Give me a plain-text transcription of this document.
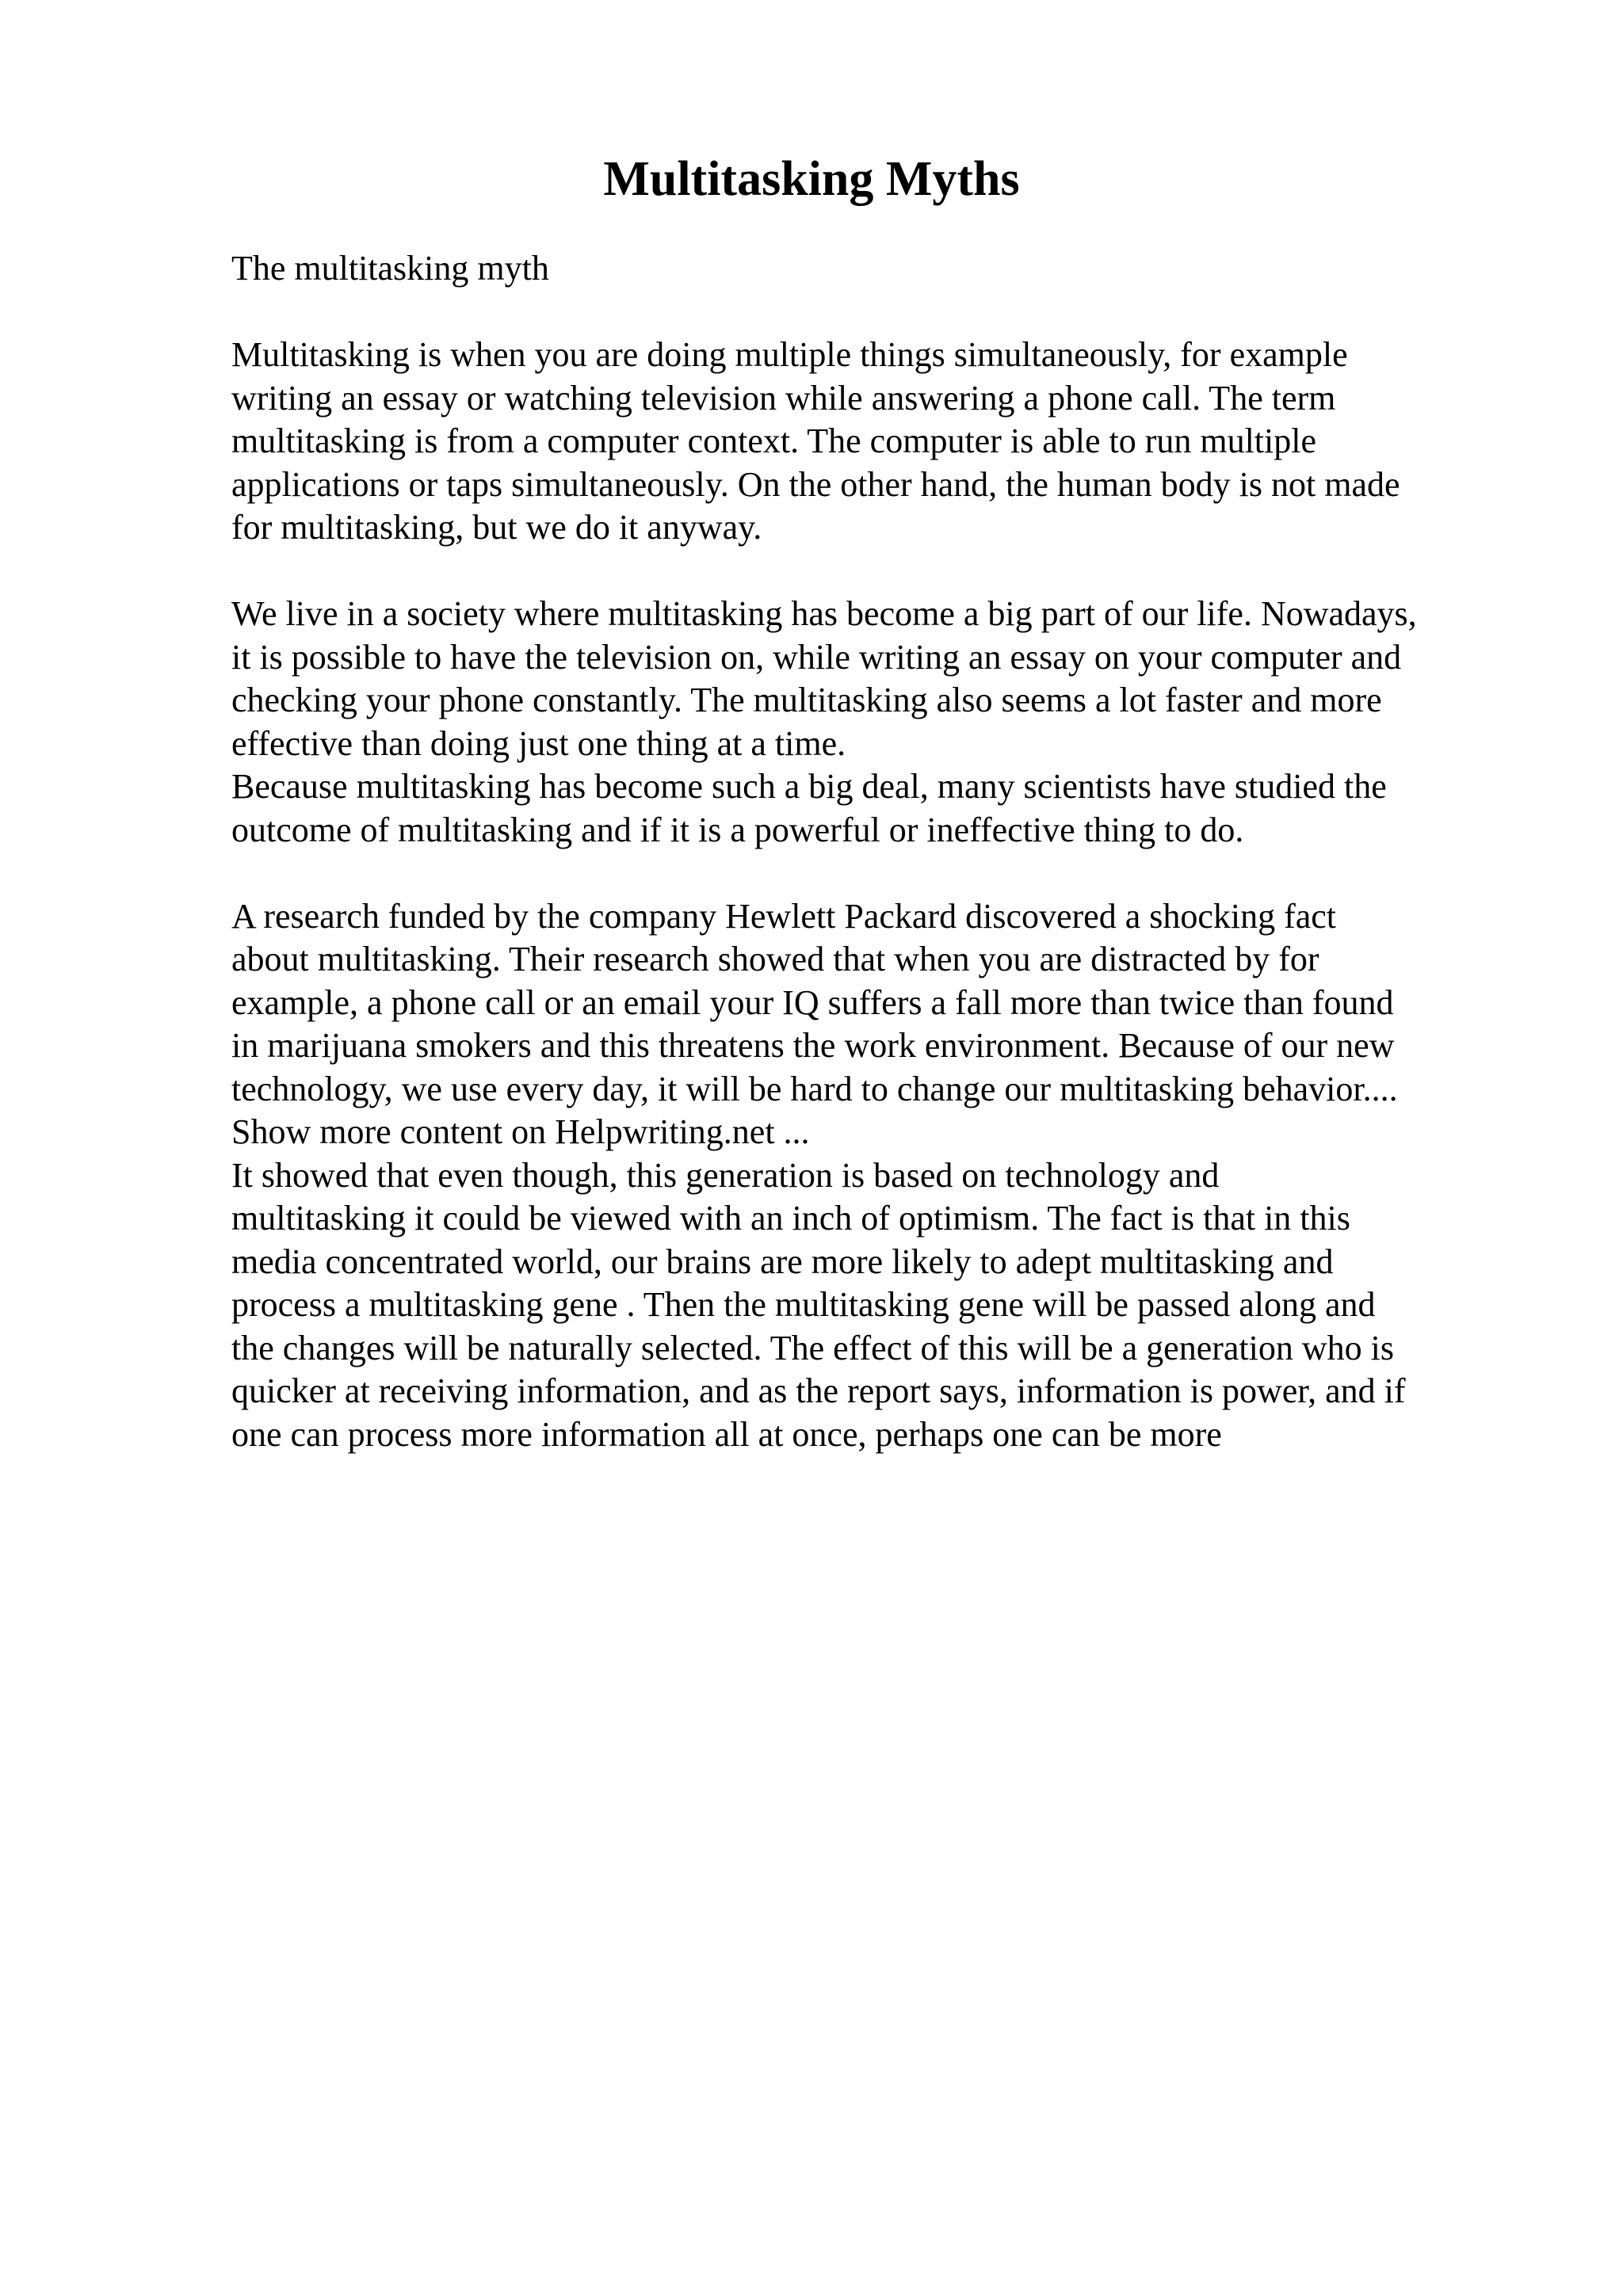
Multitasking Myths
The multitasking myth
Multitasking is when you are doing multiple things simultaneously, for example
writing an essay or watching television while answering a phone call. The term
multitasking is from a computer context. The computer is able to run multiple
applications or taps simultaneously. On the other hand, the human body is not made
for multitasking, but we do it anyway.
We live in a society where multitasking has become a big part of our life. Nowadays,
it is possible to have the television on, while writing an essay on your computer and
checking your phone constantly. The multitasking also seems a lot faster and more
effective than doing just one thing at a time.
Because multitasking has become such a big deal, many scientists have studied the
outcome of multitasking and if it is a powerful or ineffective thing to do.
A research funded by the company Hewlett Packard discovered a shocking fact
about multitasking. Their research showed that when you are distracted by for
example, a phone call or an email your IQ suffers a fall more than twice than found
in marijuana smokers and this threatens the work environment. Because of our new
technology, we use every day, it will be hard to change our multitasking behavior....
Show more content on Helpwriting.net ...
It showed that even though, this generation is based on technology and
multitasking it could be viewed with an inch of optimism. The fact is that in this
media concentrated world, our brains are more likely to adept multitasking and
process a multitasking gene . Then the multitasking gene will be passed along and
the changes will be naturally selected. The effect of this will be a generation who is
quicker at receiving information, and as the report says, information is power, and if
one can process more information all at once, perhaps one can be more
